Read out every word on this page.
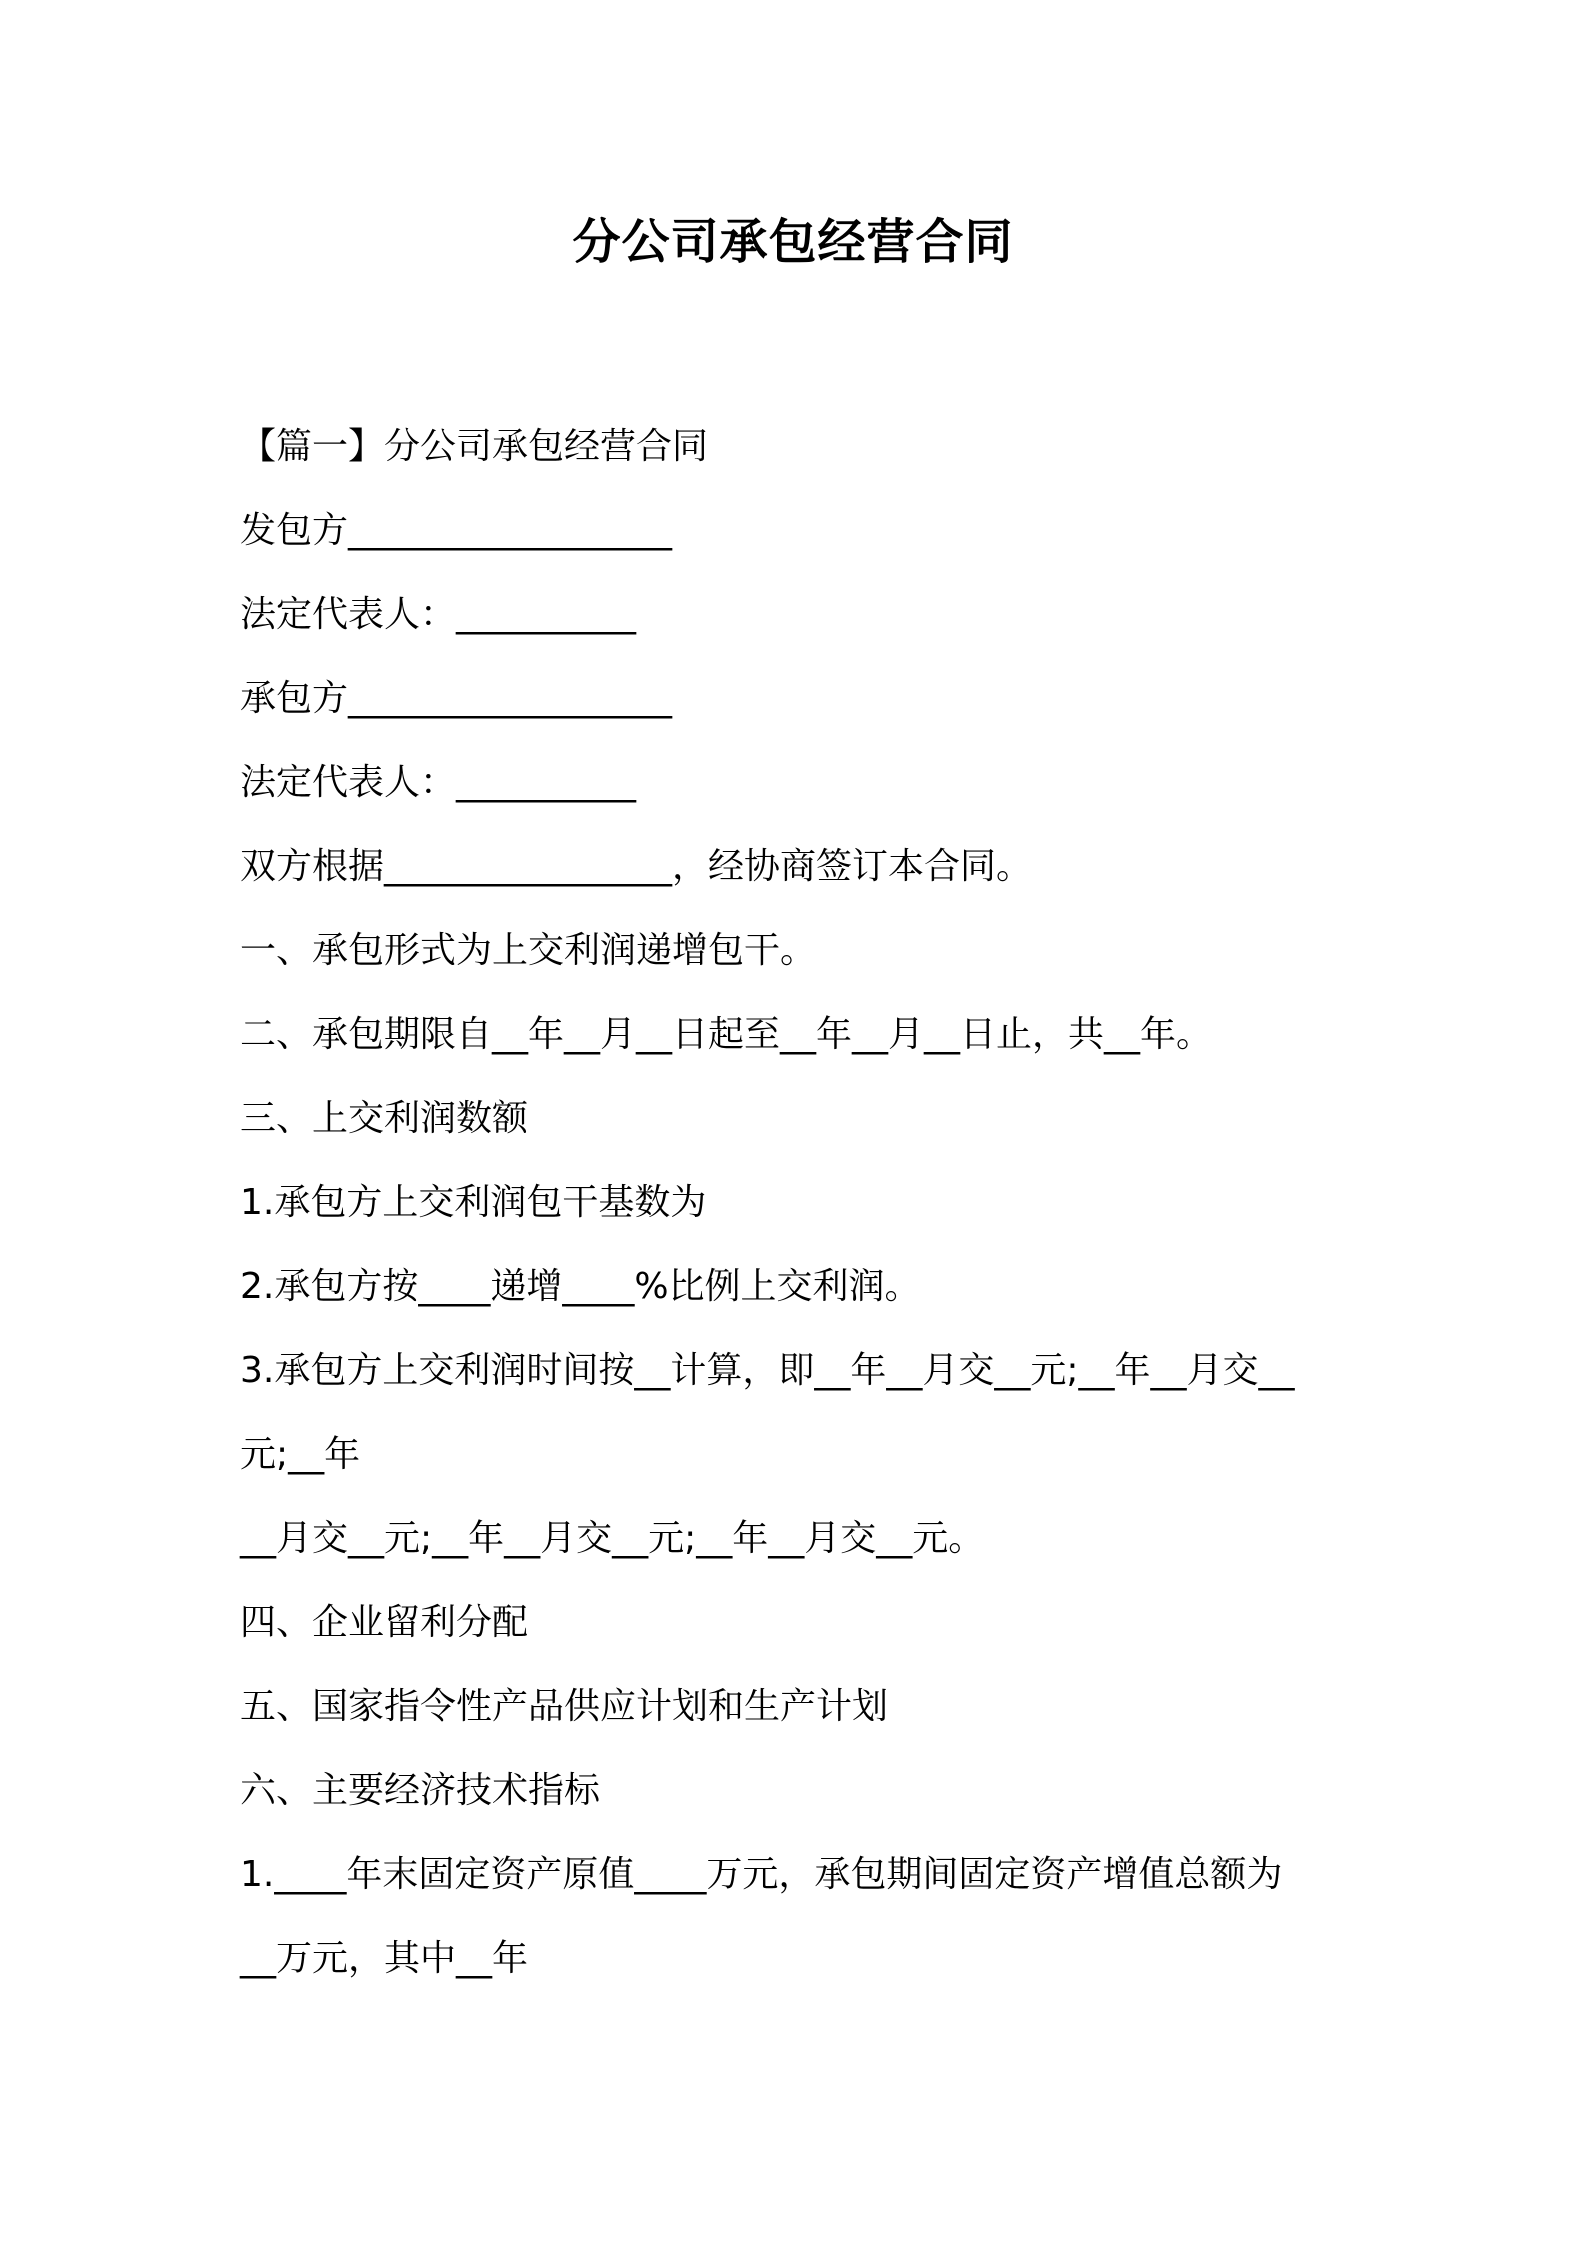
分公司承包经营合同
【篇一】分公司承包经营合同
发包方__________________
法定代表人：__________
承包方__________________
法定代表人：__________
双方根据________________，经协商签订本合同。
一、承包形式为上交利润递增包干。
二、承包期限自__年__月__日起至__年__月__日止，共__年。
三、上交利润数额
1.承包方上交利润包干基数为
2.承包方按____递增____%比例上交利润。
3.承包方上交利润时间按__计算，即__年__月交__元;__年__月交__
元;__年
__月交__元;__年__月交__元;__年__月交__元。
四、企业留利分配
五、国家指令性产品供应计划和生产计划
六、主要经济技术指标
1.____年末固定资产原值____万元，承包期间固定资产增值总额为
__万元，其中__年
